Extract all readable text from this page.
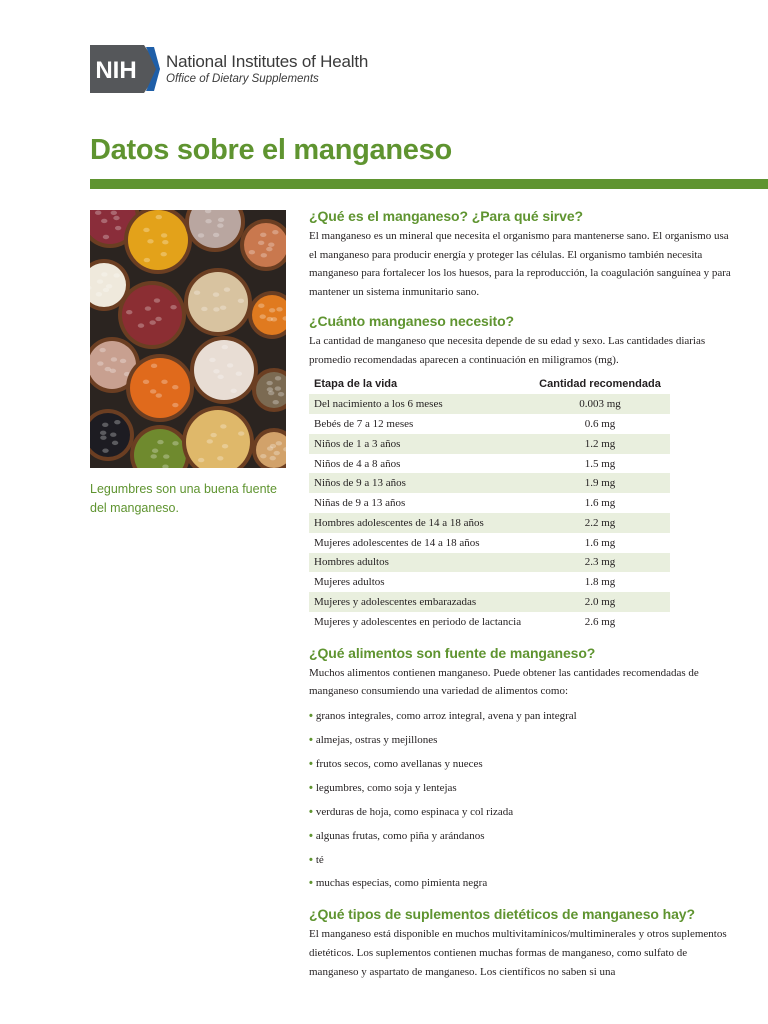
NIH National Institutes of Health
Office of Dietary Supplements
Datos sobre el manganeso
Legumbres son una buena fuente del manganeso.
¿Qué es el manganeso? ¿Para qué sirve?

El manganeso es un mineral que necesita el organismo para mantenerse sano. El organismo usa el manganeso para producir energía y proteger las células. El organismo también necesita manganeso para fortalecer los los huesos, para la reproducción, la coagulación sanguínea y para mantener un sistema inmunitario sano.

¿Cuánto manganeso necesito?

La cantidad de manganeso que necesita depende de su edad y sexo. Las cantidades diarias promedio recomendadas aparecen a continuación en miligramos (mg).

Etapa de la vida	Cantidad recomendada
Del nacimiento a los 6 meses	0.003 mg
Bebés de 7 a 12 meses	0.6 mg
Niños de 1 a 3 años	1.2 mg
Niños de 4 a 8 años	1.5 mg
Niños de 9 a 13 años	1.9 mg
Niñas de 9 a 13 años	1.6 mg
Hombres adolescentes de 14 a 18 años	2.2 mg
Mujeres adolescentes de 14 a 18 años	1.6 mg
Hombres adultos	2.3 mg
Mujeres adultos	1.8 mg
Mujeres y adolescentes embarazadas	2.0 mg
Mujeres y adolescentes en periodo de lactancia	2.6 mg
¿Qué alimentos son fuente de manganeso?

Muchos alimentos contienen manganeso. Puede obtener las cantidades recomendadas de manganeso consumiendo una variedad de alimentos como:

• granos integrales, como arroz integral, avena y pan integral
• almejas, ostras y mejillones
• frutos secos, como avellanas y nueces
• legumbres, como soja y lentejas
• verduras de hoja, como espinaca y col rizada
• algunas frutas, como piña y arándanos
• té
• muchas especias, como pimienta negra
¿Qué tipos de suplementos dietéticos de manganeso hay?

El manganeso está disponible en muchos multivitamínicos/multiminerales y otros suplementos dietéticos. Los suplementos contienen muchas formas de manganeso, como sulfato de manganeso y aspartato de manganeso. Los científicos no saben si una
